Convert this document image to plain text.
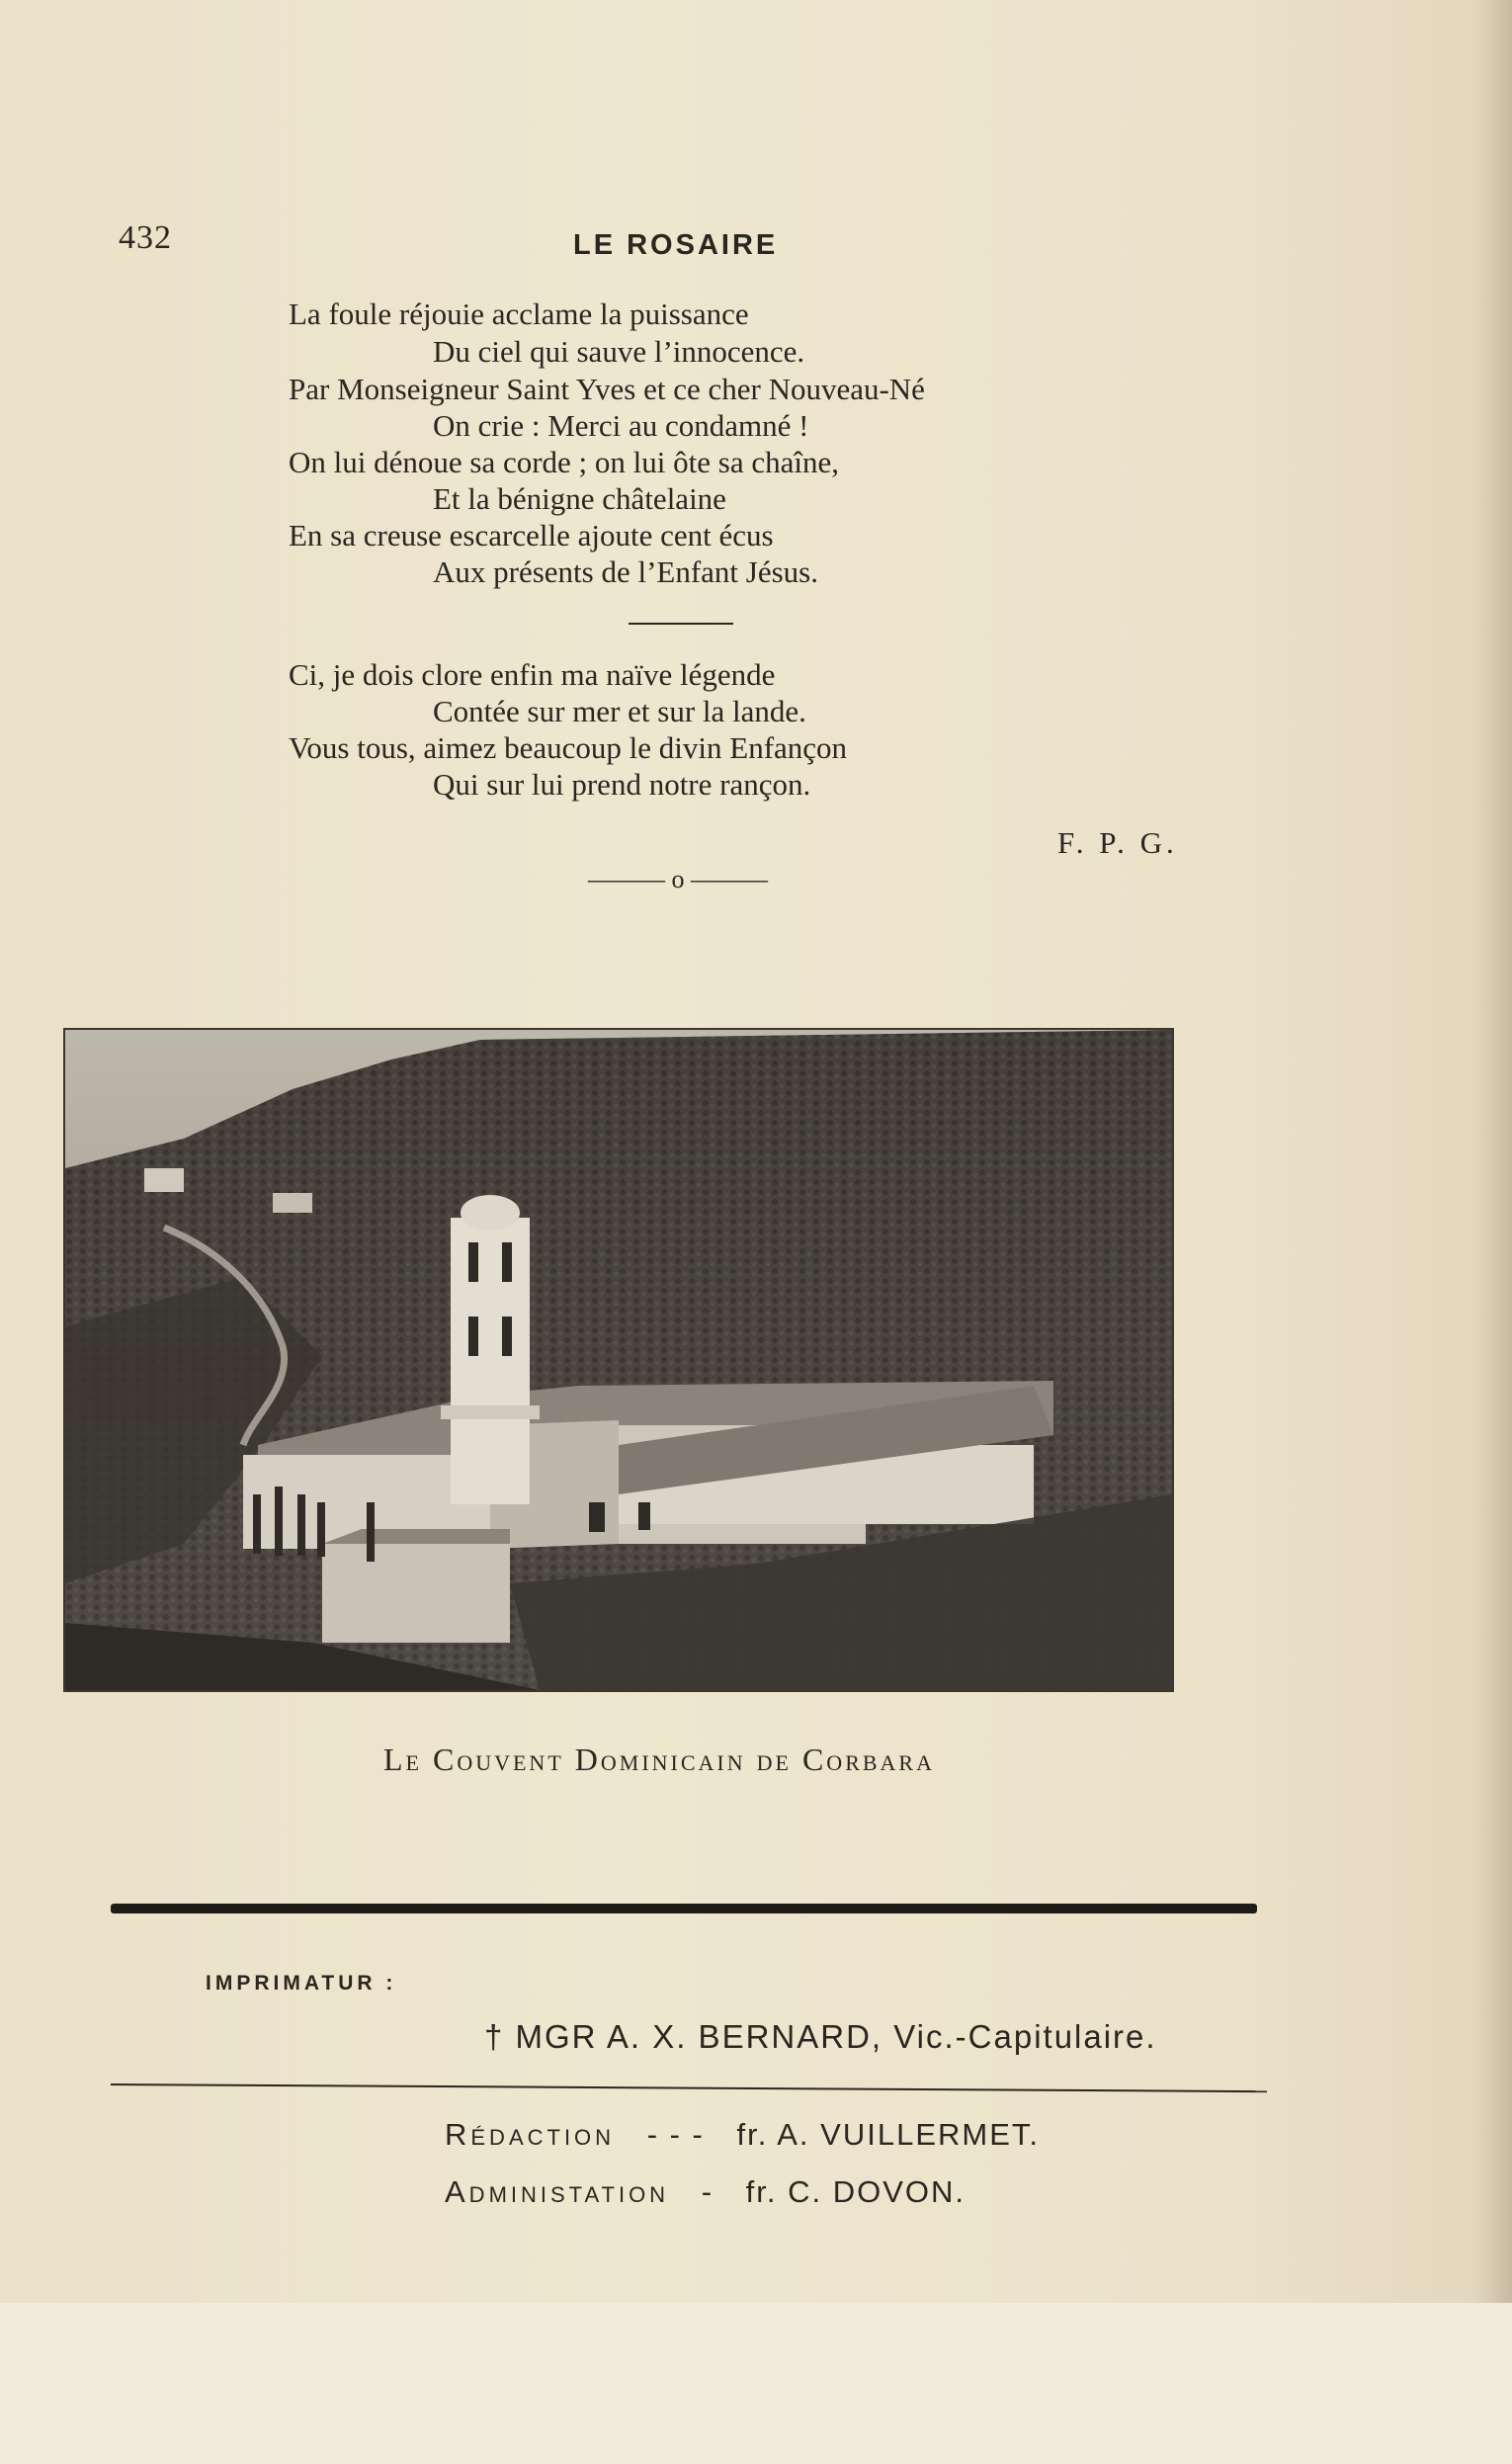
432	LE ROSAIRE
La foule réjouie acclame la puissance
Du ciel qui sauve l’innocence.
Par Monseigneur Saint Yves et ce cher Nouveau-Né
On crie : Merci au condamné !
On lui dénoue sa corde ; on lui ôte sa chaîne,
Et la bénigne châtelaine
En sa creuse escarcelle ajoute cent écus
Aux présents de l’Enfant Jésus.
Ci, je dois clore enfin ma naïve légende
Contée sur mer et sur la lande.
Vous tous, aimez beaucoup le divin Enfançon
Qui sur lui prend notre rançon.
F. P. G.
——— o ———
Le Couvent Dominicain de Corbara
IMPRIMATUR :
† MGR A. X. BERNARD, Vic.-Capitulaire.
Rédaction - - - fr. A. VUILLERMET.
Administation - fr. C. DOVON.
